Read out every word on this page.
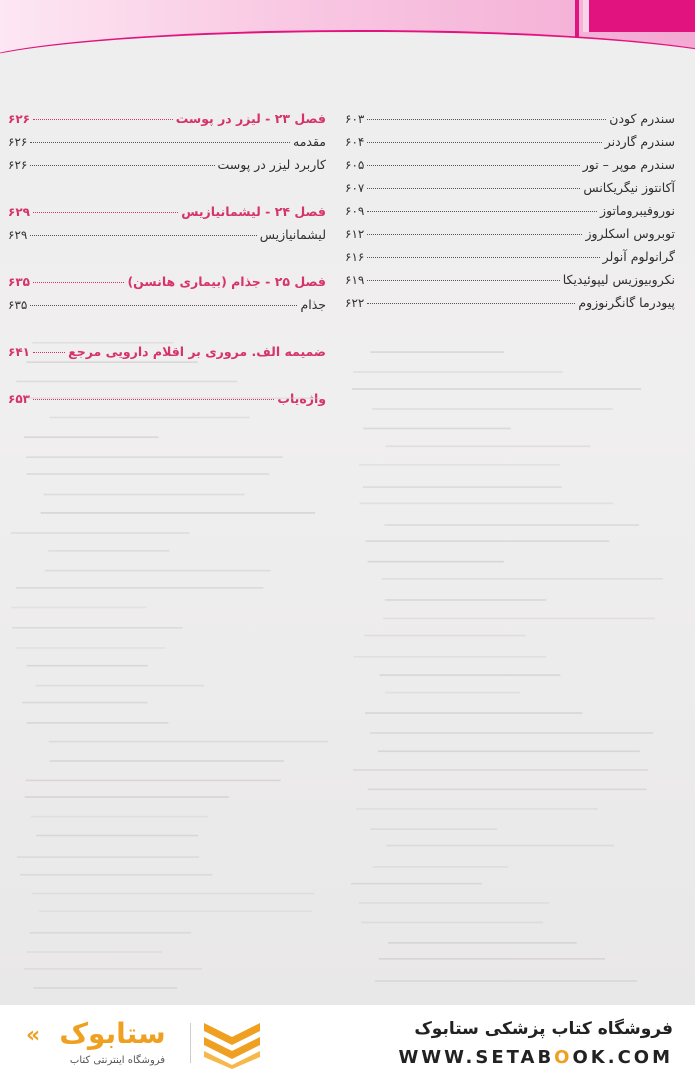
سندرم کودن
۶۰۳
سندرم گاردنر
۶۰۴
سندرم موپر – تور
۶۰۵
آکانتوز نیگریکانس
۶۰۷
نوروفیبروماتوز
۶۰۹
توبروس اسکلروز
۶۱۲
گرانولوم آنولر
۶۱۶
نکروبیوزیس لیپوئیدیکا
۶۱۹
پیودرما گانگرنوزوم
۶۲۲
فصل ۲۳ - لیزر در پوست
۶۲۶
مقدمه
۶۲۶
کاربرد لیزر در پوست
۶۲۶
فصل ۲۴ - لیشمانیازیس
۶۲۹
لیشمانیازیس
۶۲۹
فصل ۲۵ - جذام (بیماری هانسن)
۶۳۵
جذام
۶۳۵
ضمیمه الف. مروری بر اقلام دارویی مرجع
۶۴۱
واژه‌یاب
۶۵۳
فروشگاه کتاب پزشکی ستابوک
WWW.SETABOOK.COM
ستابوک
«
فروشگاه اینترنتی کتاب
